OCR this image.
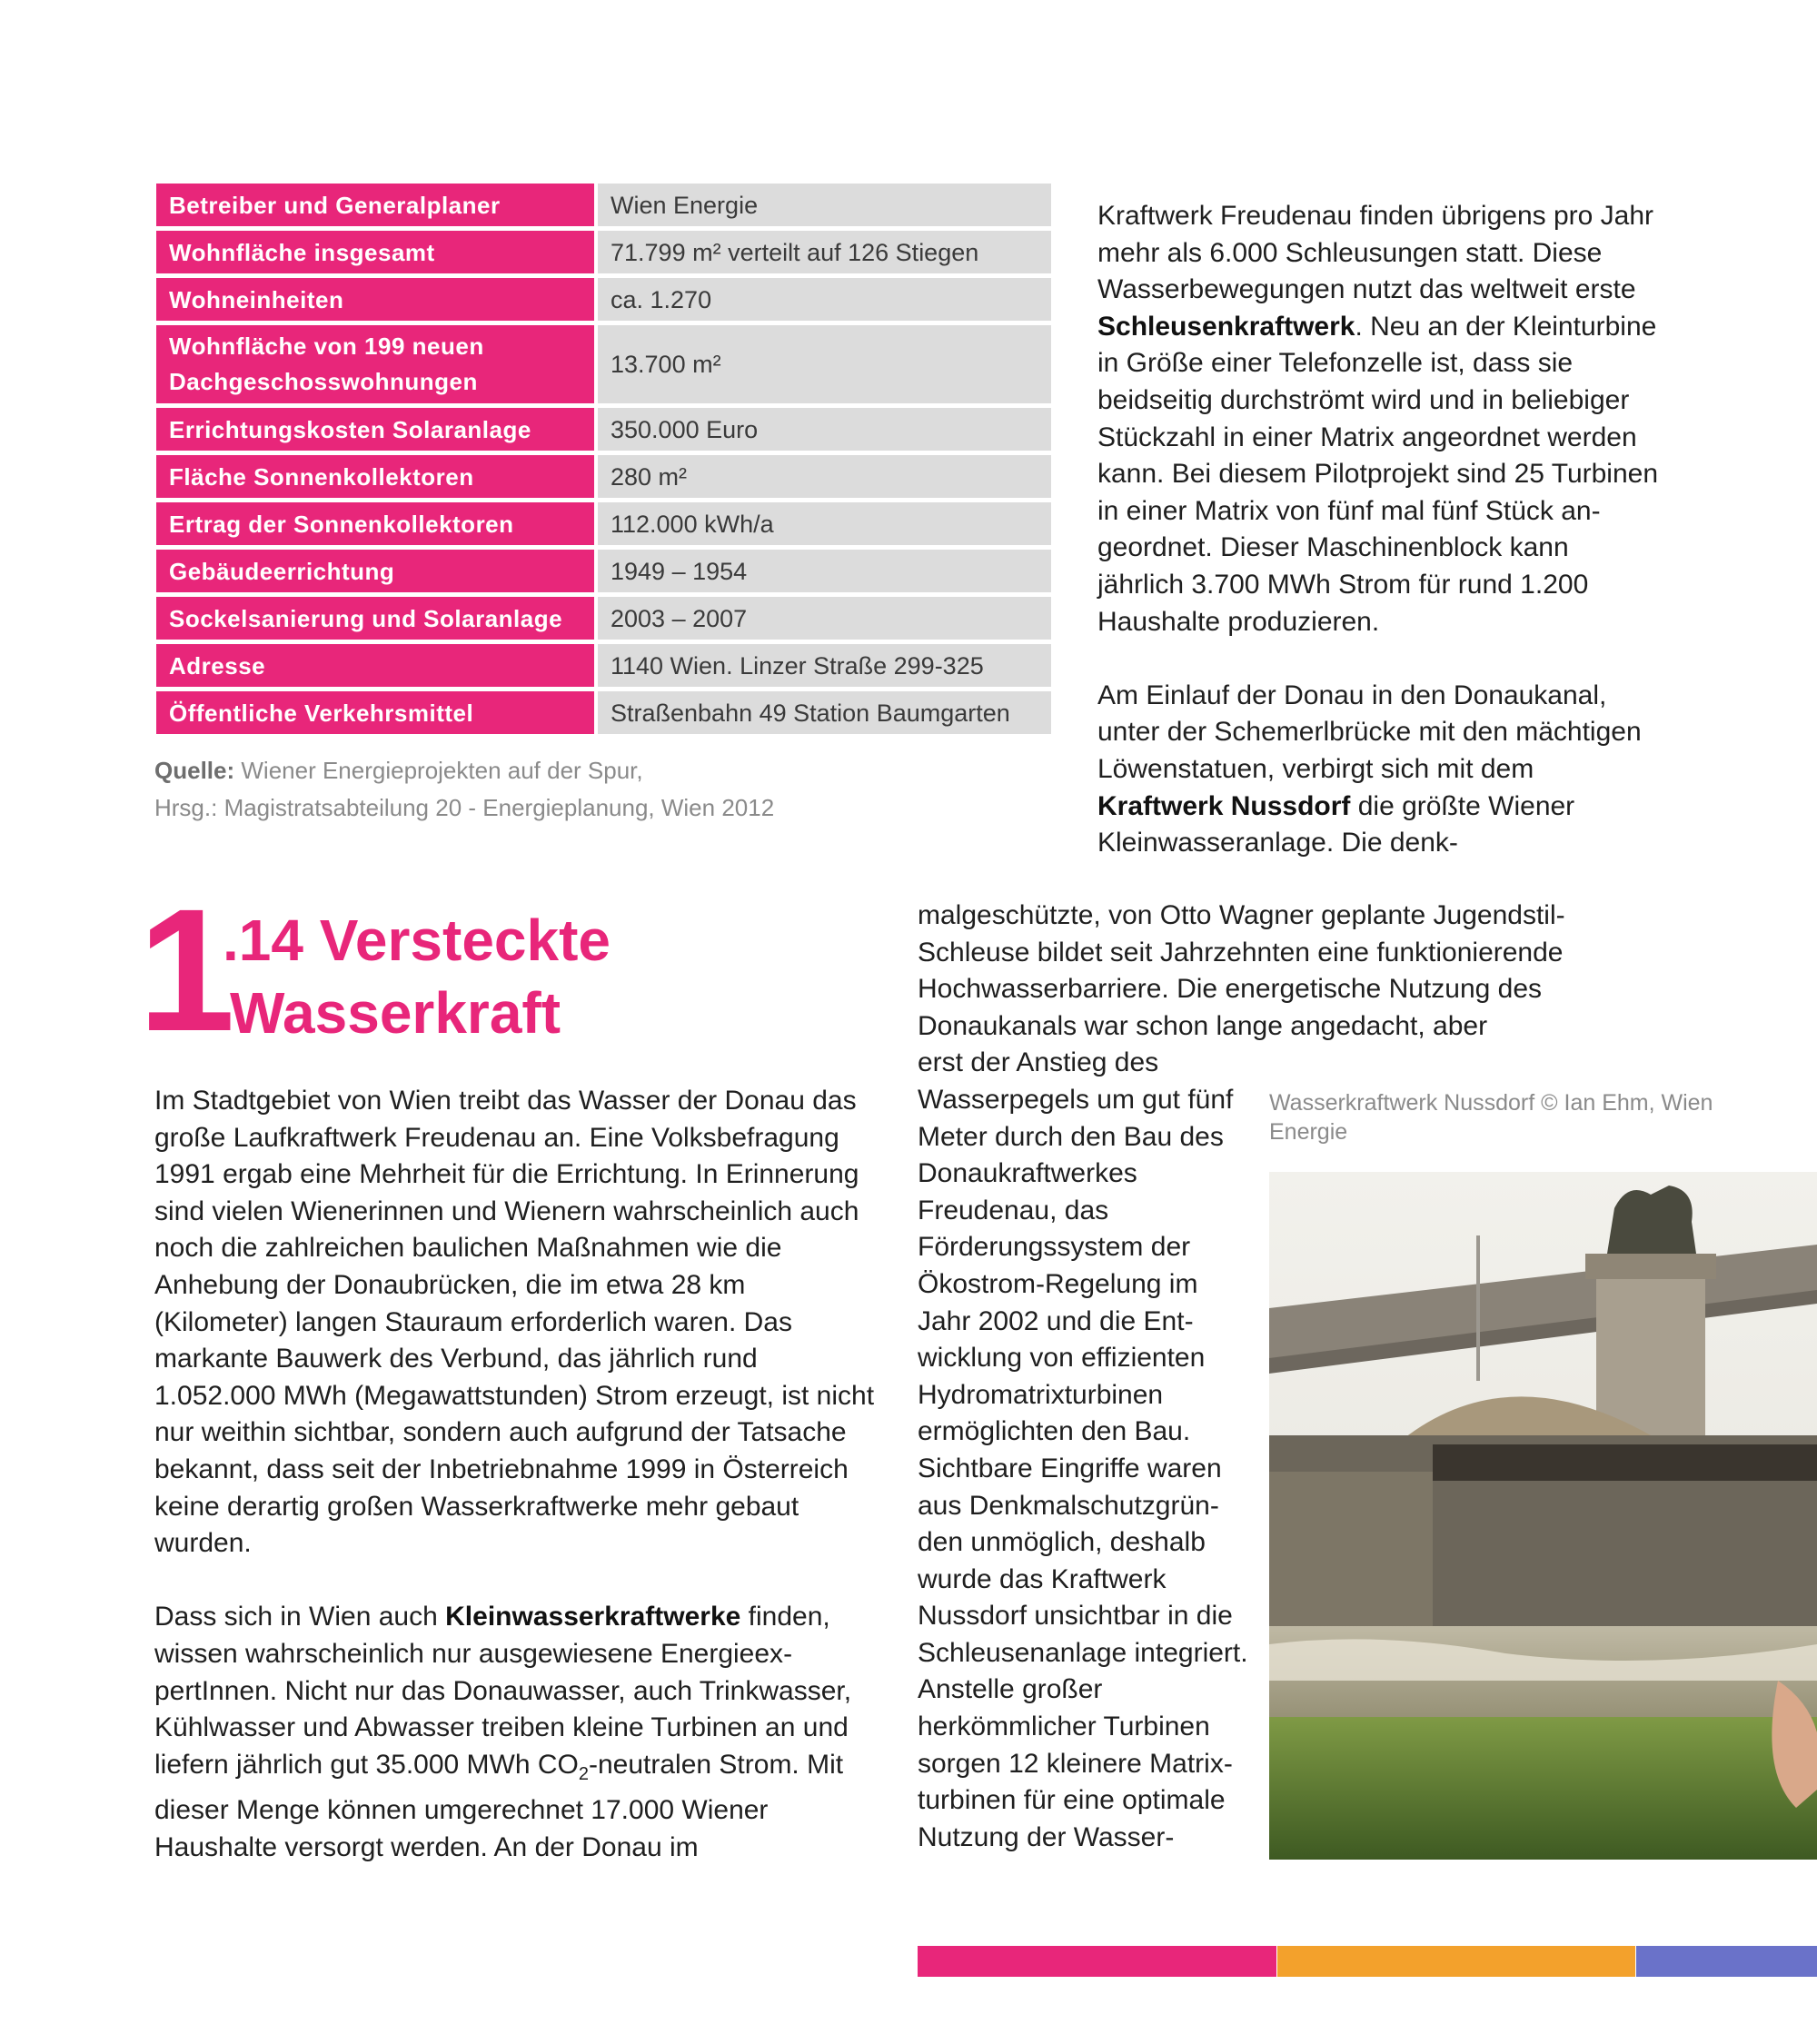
Betreiber und Generalplaner	Wien Energie
Wohnfläche insgesamt	71.799 m² verteilt auf 126 Stiegen
Wohneinheiten	ca. 1.270
Wohnfläche von 199 neuen Dachgeschosswohnungen	13.700 m²
Errichtungskosten Solaranlage	350.000 Euro
Fläche Sonnenkollektoren	280 m²
Ertrag der Sonnenkollektoren	112.000 kWh/a
Gebäudeerrichtung	1949 – 1954
Sockelsanierung und Solaranlage	2003 – 2007
Adresse	1140 Wien. Linzer Straße 299-325
Öffentliche Verkehrsmittel	Straßenbahn 49 Station Baumgarten
Quelle: Wiener Energieprojekten auf der Spur,
Hrsg.: Magistratsabteilung 20 - Energieplanung, Wien 2012
1
.14 Versteckte
Wasserkraft

Im Stadtgebiet von Wien treibt das Wasser der Donau das große Laufkraftwerk Freudenau an. Eine Volksbefragung 1991 ergab eine Mehrheit für die Errichtung. In Erinnerung sind vielen Wienerinnen und Wienern wahrscheinlich auch noch die zahlreichen baulichen Maßnahmen wie die Anhebung der Donaubrücken, die im etwa 28 km (Kilometer) langen Stauraum erforderlich waren. Das markante Bauwerk des Verbund, das jährlich rund 1.052.000 MWh (Megawattstunden) Strom erzeugt, ist nicht nur weithin sichtbar, sondern auch aufgrund der Tatsache bekannt, dass seit der Inbetriebnahme 1999 in Österreich keine derartig großen Wasserkraftwerke mehr gebaut wurden.

Dass sich in Wien auch Kleinwasserkraftwerke finden, wissen wahrscheinlich nur ausgewiesene EnergieexpertInnen. Nicht nur das Donauwasser, auch Trinkwasser, Kühlwasser und Abwasser treiben kleine Turbinen an und liefern jährlich gut 35.000 MWh $CO_2$-neutralen Strom. Mit dieser Menge können umgerechnet 17.000 Wiener Haushalte versorgt werden. An der Donau im

Kraftwerk Freudenau finden übrigens pro Jahr mehr als 6.000 Schleusungen statt. Diese Wasserbewegungen nutzt das weltweit erste Schleusenkraftwerk. Neu an der Kleinturbine in Größe einer Telefonzelle ist, dass sie beidseitig durchströmt wird und in beliebiger Stückzahl in einer Matrix angeordnet werden kann. Bei diesem Pilotprojekt sind 25 Turbinen in einer Matrix von fünf mal fünf Stück angeordnet. Dieser Maschinenblock kann jährlich 3.700 MWh Strom für rund 1.200 Haushalte produzieren.

Am Einlauf der Donau in den Donaukanal, unter der Schemerlbrücke mit den mächtigen Löwenstatuen, verbirgt sich mit dem Kraftwerk Nussdorf die größte Wiener Kleinwasseranlage. Die denk-

malgeschützte, von Otto Wagner geplante Jugendstil-Schleuse bildet seit Jahrzehnten eine funktionierende Hochwasserbarriere. Die energetische Nutzung des Donaukanals war schon lange angedacht, aber
erst der Anstieg des Wasserpegels um gut fünf Meter durch den Bau des Donaukraftwerkes Freudenau, das Förderungssystem der Ökostrom-Regelung im Jahr 2002 und die Entwicklung von effizienten Hydromatrixturbinen ermöglichten den Bau. Sichtbare Eingriffe waren aus Denkmalschutzgründen unmöglich, deshalb wurde das Kraftwerk Nussdorf unsichtbar in die Schleusenanlage integriert. Anstelle großer herkömmlicher Turbinen sorgen 12 kleinere Matrixturbinen für eine optimale Nutzung der Wasser-
Wasserkraftwerk Nussdorf © Ian Ehm, Wien Energie
